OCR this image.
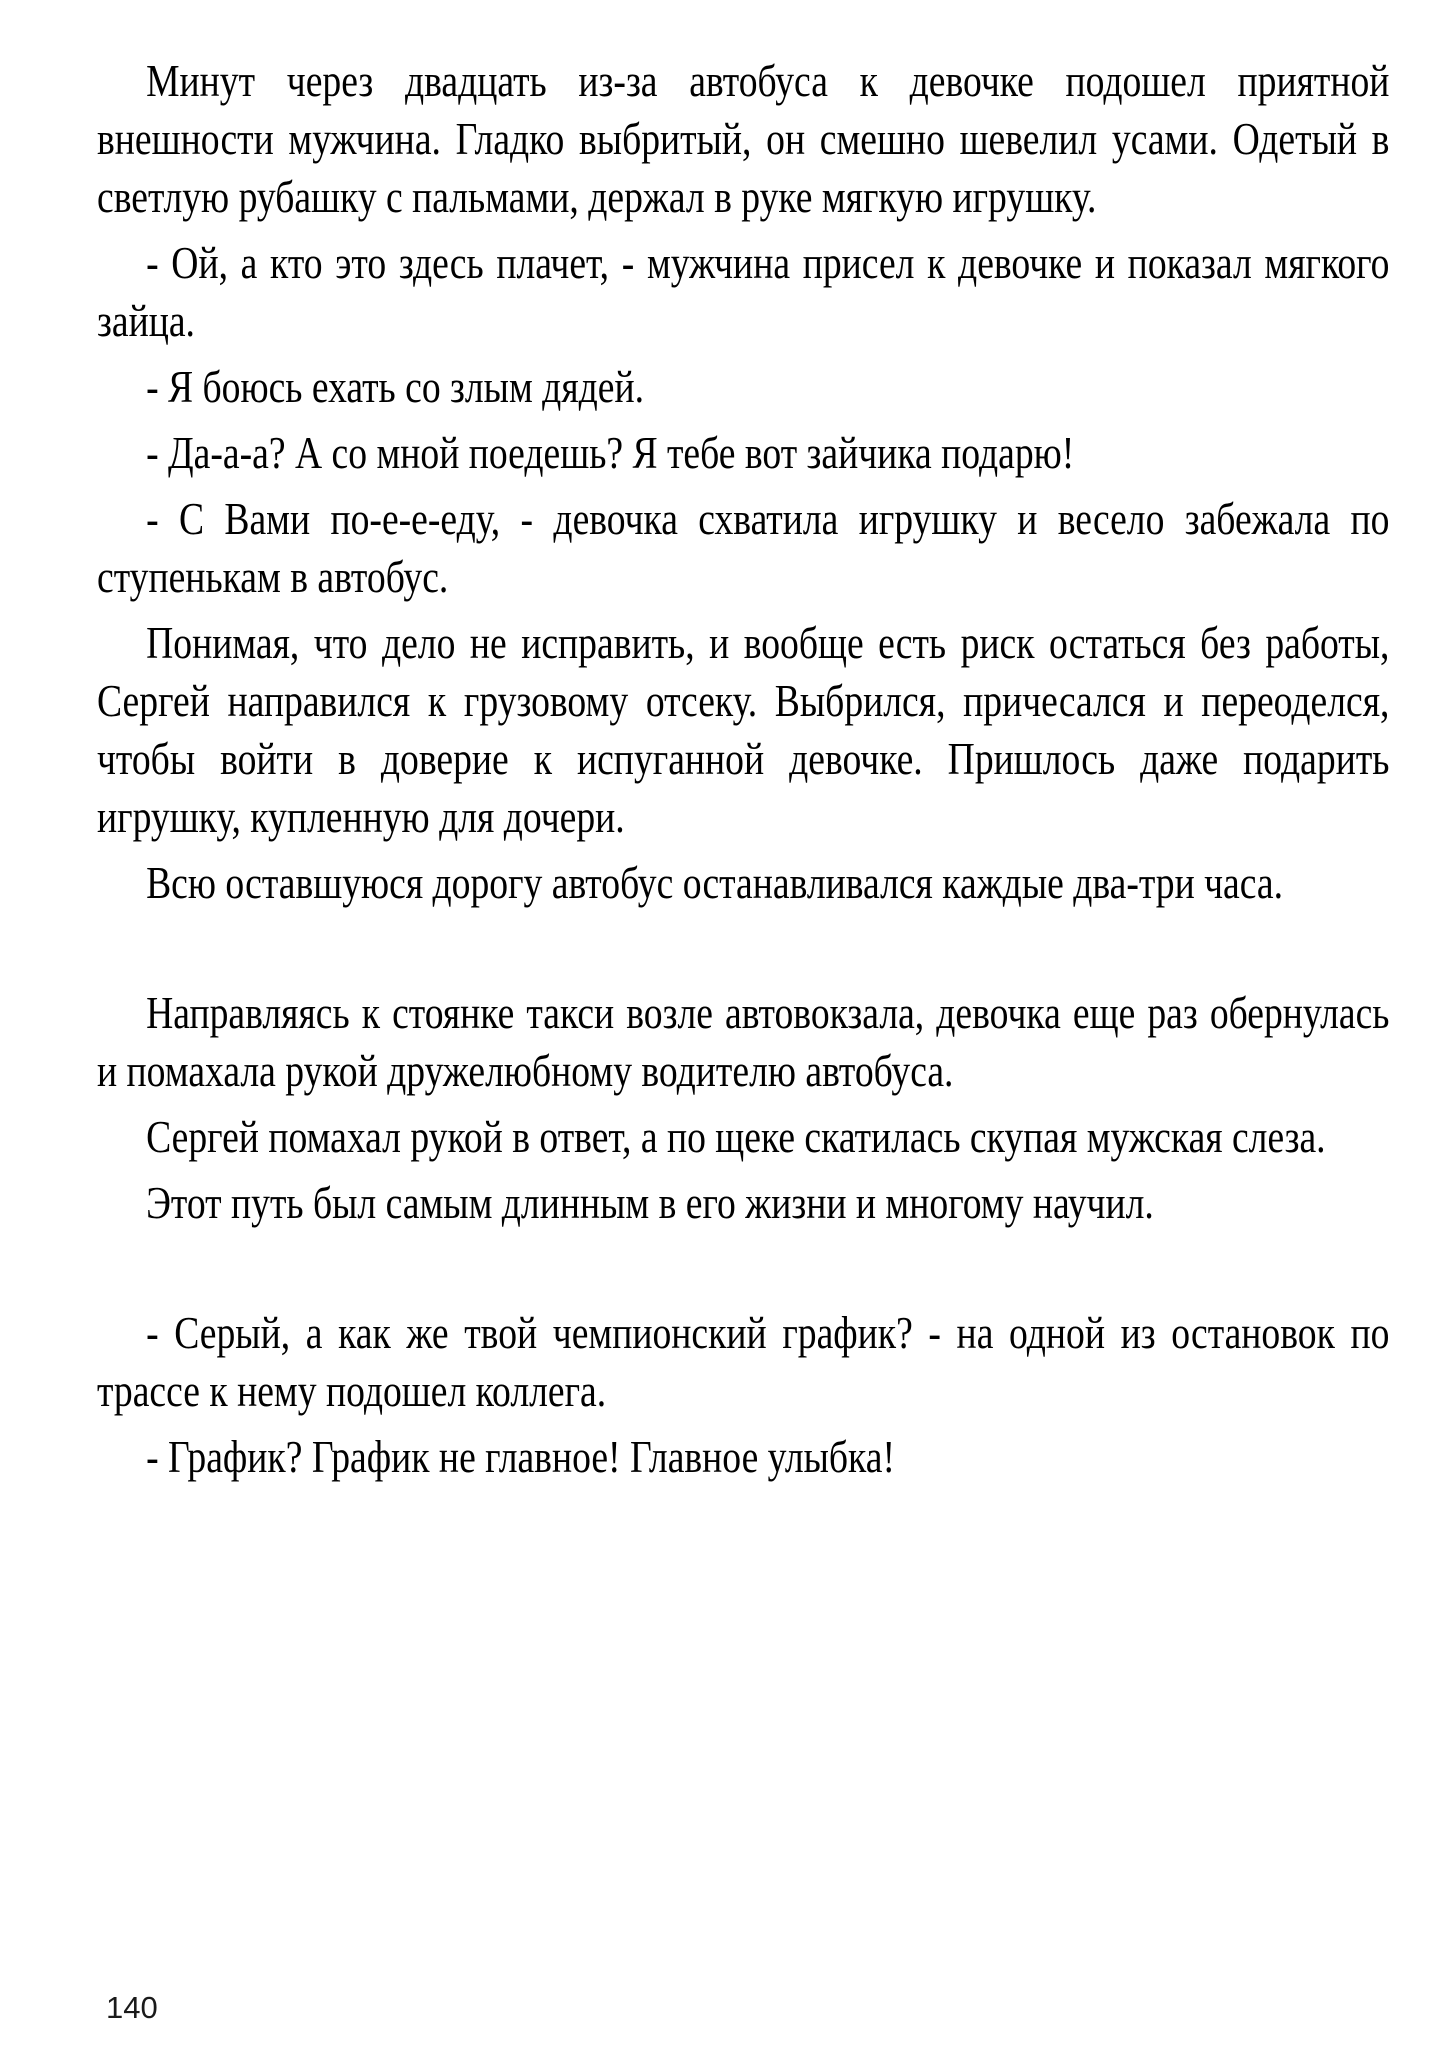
Минут через двадцать из-за автобуса к девочке подошел приятной внешности мужчина. Гладко выбритый, он смешно шевелил усами. Одетый в светлую рубашку с пальмами, держал в руке мягкую игрушку.

- Ой, а кто это здесь плачет, - мужчина присел к девочке и показал мягкого зайца.

- Я боюсь ехать со злым дядей.

- Да-а-а? А со мной поедешь? Я тебе вот зайчика подарю!

- С Вами по-е-е-еду, - девочка схватила игрушку и весело забежала по ступенькам в автобус.

Понимая, что дело не исправить, и вообще есть риск остаться без работы, Сергей направился к грузовому отсеку. Выбрился, причесался и переоделся, чтобы войти в доверие к испуганной девочке. Пришлось даже подарить игрушку, купленную для дочери.

Всю оставшуюся дорогу автобус останавливался каждые два-три часа.

Направляясь к стоянке такси возле автовокзала, девочка еще раз обернулась и помахала рукой дружелюбному водителю автобуса.

Сергей помахал рукой в ответ, а по щеке скатилась скупая мужская слеза.

Этот путь был самым длинным в его жизни и многому научил.

- Серый, а как же твой чемпионский график? - на одной из остановок по трассе к нему подошел коллега.

- График? График не главное! Главное улыбка!

140
